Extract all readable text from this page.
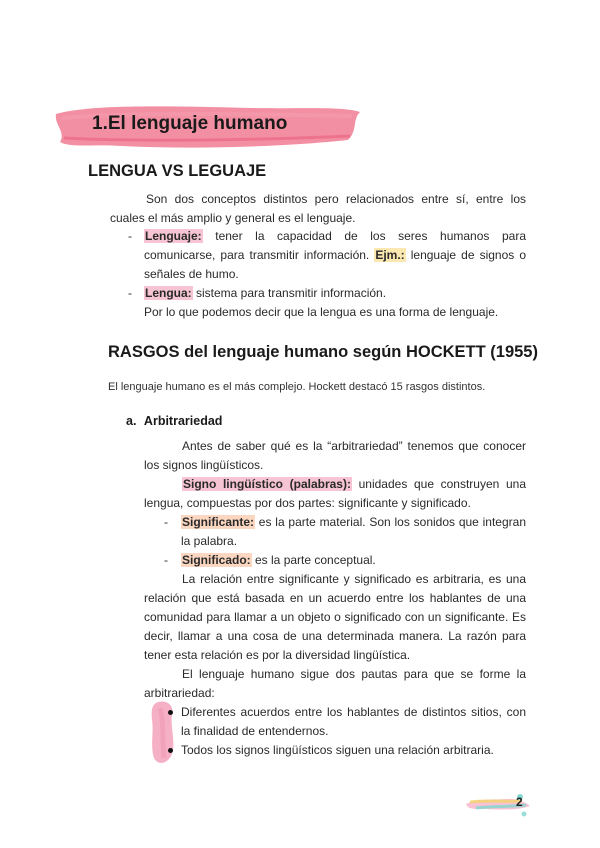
1.El lenguaje humano
LENGUA VS LEGUAJE
Son dos conceptos distintos pero relacionados entre sí, entre los cuales el más amplio y general es el lenguaje.
- Lenguaje: tener la capacidad de los seres humanos para comunicarse, para transmitir información. Ejm.: lenguaje de signos o señales de humo.
- Lengua: sistema para transmitir información.
Por lo que podemos decir que la lengua es una forma de lenguaje.
RASGOS del lenguaje humano según HOCKETT (1955)
El lenguaje humano es el más complejo. Hockett destacó 15 rasgos distintos.
a. Arbitrariedad
Antes de saber qué es la “arbitrariedad” tenemos que conocer los signos lingüísticos.
Signo lingüístico (palabras): unidades que construyen una lengua, compuestas por dos partes: significante y significado.
- Significante: es la parte material. Son los sonidos que integran la palabra.
- Significado: es la parte conceptual.
La relación entre significante y significado es arbitraria, es una relación que está basada en un acuerdo entre los hablantes de una comunidad para llamar a un objeto o significado con un significante. Es decir, llamar a una cosa de una determinada manera. La razón para tener esta relación es por la diversidad lingüística.
El lenguaje humano sigue dos pautas para que se forme la arbitrariedad:
Diferentes acuerdos entre los hablantes de distintos sitios, con la finalidad de entendernos.
Todos los signos lingüísticos siguen una relación arbitraria.
2
